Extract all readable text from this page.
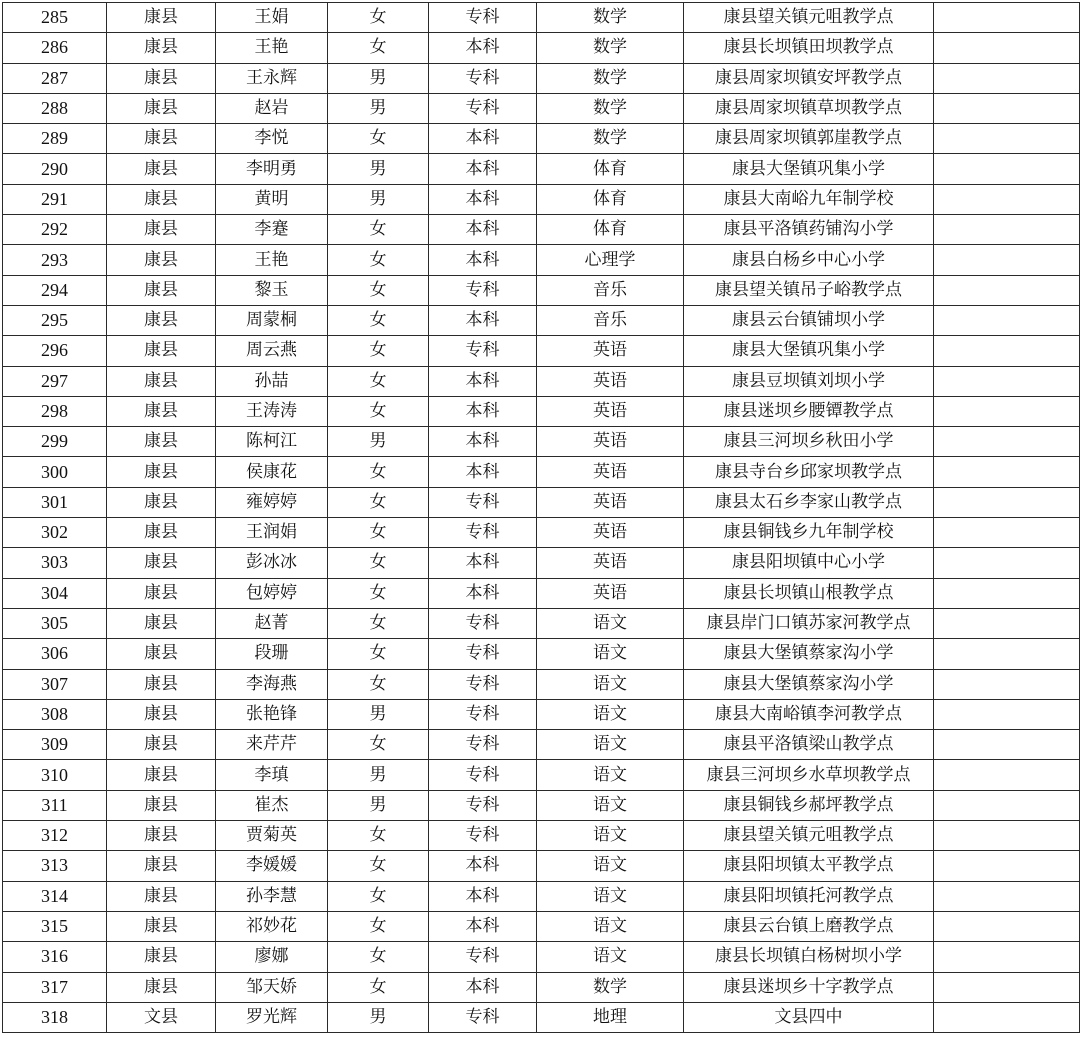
285	康县	王娟	女	专科	数学	康县望关镇元咀教学点	
286	康县	王艳	女	本科	数学	康县长坝镇田坝教学点	
287	康县	王永辉	男	专科	数学	康县周家坝镇安坪教学点	
288	康县	赵岩	男	专科	数学	康县周家坝镇草坝教学点	
289	康县	李悦	女	本科	数学	康县周家坝镇郭崖教学点	
290	康县	李明勇	男	本科	体育	康县大堡镇巩集小学	
291	康县	黄明	男	本科	体育	康县大南峪九年制学校	
292	康县	李蹇	女	本科	体育	康县平洛镇药铺沟小学	
293	康县	王艳	女	本科	心理学	康县白杨乡中心小学	
294	康县	黎玉	女	专科	音乐	康县望关镇吊子峪教学点	
295	康县	周蒙桐	女	本科	音乐	康县云台镇铺坝小学	
296	康县	周云燕	女	专科	英语	康县大堡镇巩集小学	
297	康县	孙喆	女	本科	英语	康县豆坝镇刘坝小学	
298	康县	王涛涛	女	本科	英语	康县迷坝乡腰镡教学点	
299	康县	陈柯江	男	本科	英语	康县三河坝乡秋田小学	
300	康县	侯康花	女	本科	英语	康县寺台乡邱家坝教学点	
301	康县	雍婷婷	女	专科	英语	康县太石乡李家山教学点	
302	康县	王润娟	女	专科	英语	康县铜钱乡九年制学校	
303	康县	彭冰冰	女	本科	英语	康县阳坝镇中心小学	
304	康县	包婷婷	女	本科	英语	康县长坝镇山根教学点	
305	康县	赵菁	女	专科	语文	康县岸门口镇苏家河教学点	
306	康县	段珊	女	专科	语文	康县大堡镇蔡家沟小学	
307	康县	李海燕	女	专科	语文	康县大堡镇蔡家沟小学	
308	康县	张艳锋	男	专科	语文	康县大南峪镇李河教学点	
309	康县	来芹芹	女	专科	语文	康县平洛镇梁山教学点	
310	康县	李瑱	男	专科	语文	康县三河坝乡水草坝教学点	
311	康县	崔杰	男	专科	语文	康县铜钱乡郝坪教学点	
312	康县	贾菊英	女	专科	语文	康县望关镇元咀教学点	
313	康县	李媛媛	女	本科	语文	康县阳坝镇太平教学点	
314	康县	孙李慧	女	本科	语文	康县阳坝镇托河教学点	
315	康县	祁妙花	女	本科	语文	康县云台镇上磨教学点	
316	康县	廖娜	女	专科	语文	康县长坝镇白杨树坝小学	
317	康县	邹天娇	女	本科	数学	康县迷坝乡十字教学点	
318	文县	罗光辉	男	专科	地理	文县四中	
